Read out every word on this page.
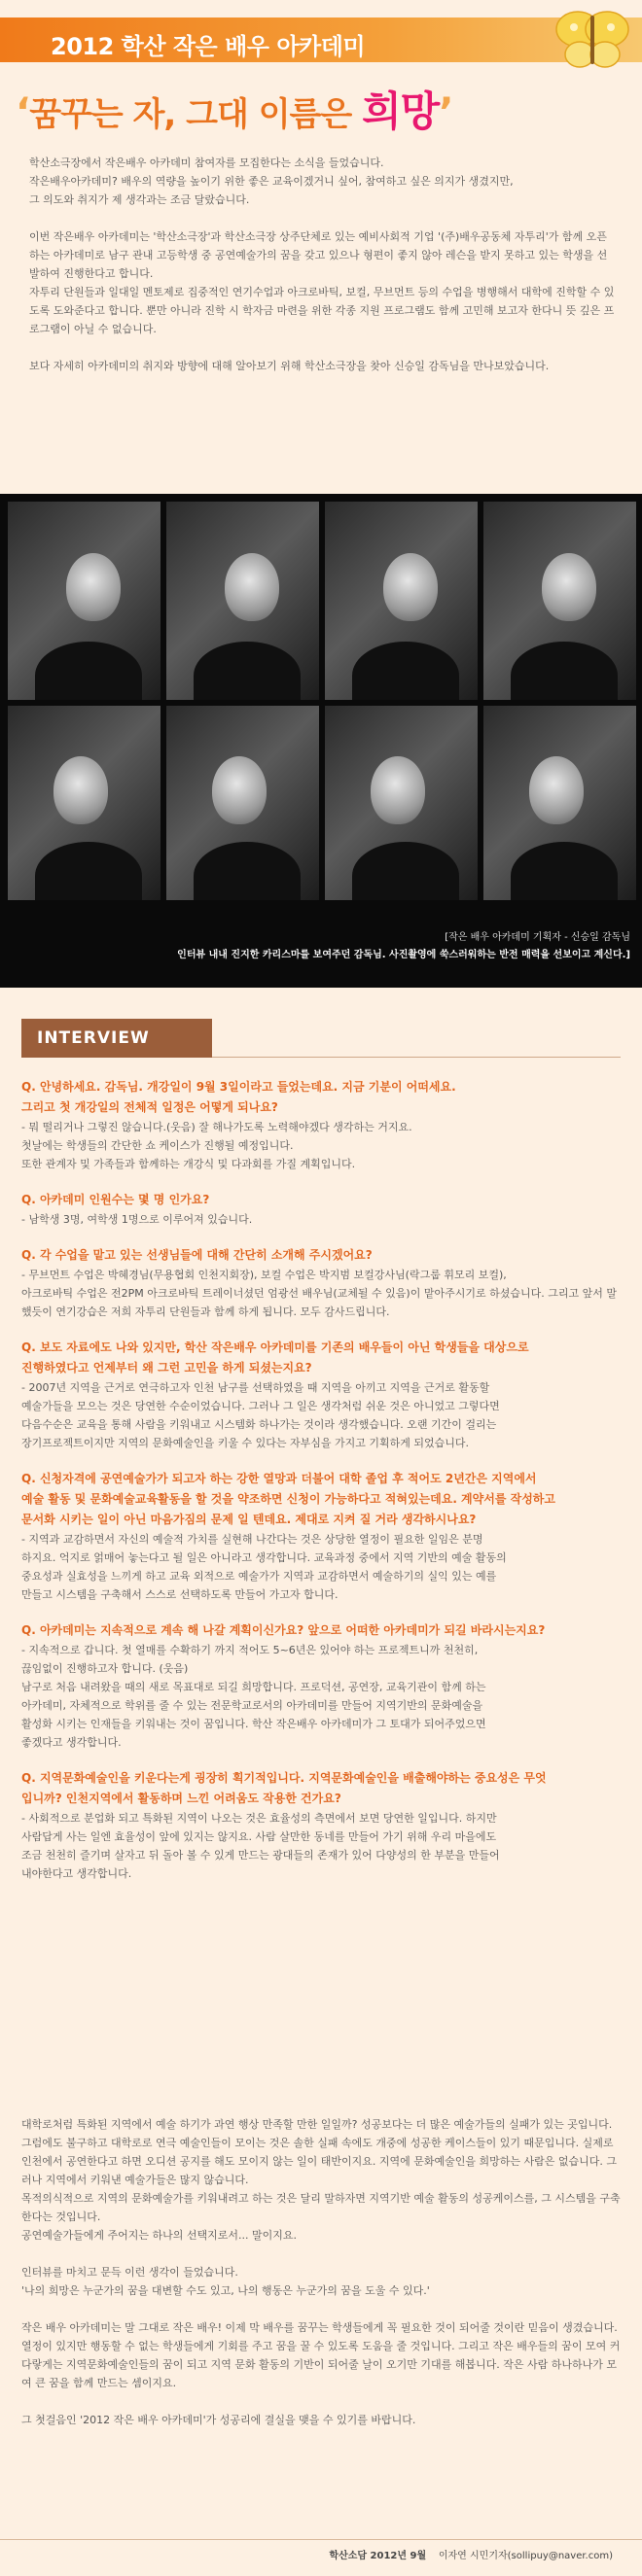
2012 학산 작은 배우 아카데미
‘꿈꾸는 자, 그대 이름은 희망’

학산소극장에서 작은배우 아카데미 참여자를 모집한다는 소식을 들었습니다.
작은배우아카데미? 배우의 역량을 높이기 위한 좋은 교육이겠거니 싶어, 참여하고 싶은 의지가 생겼지만,
그 의도와 취지가 제 생각과는 조금 달랐습니다.

이번 작은배우 아카데미는 '학산소극장'과 학산소극장 상주단체로 있는 예비사회적 기업 '(주)배우공동체 자투리'가 함께 오픈하는 아카데미로 남구 관내 고등학생 중 공연예술가의 꿈을 갖고 있으나 형편이 좋지 않아 레슨을 받지 못하고 있는 학생을 선발하여 진행한다고 합니다.
자투리 단원들과 일대일 멘토제로 집중적인 연기수업과 아크로바틱, 보컬, 무브먼트 등의 수업을 병행해서 대학에 진학할 수 있도록 도와준다고 합니다. 뿐만 아니라 진학 시 학자금 마련을 위한 각종 지원 프로그램도 함께 고민해 보고자 한다니 뜻 깊은 프로그램이 아닐 수 없습니다.

보다 자세히 아카데미의 취지와 방향에 대해 알아보기 위해 학산소극장을 찾아 신승일 감독님을 만나보았습니다.

[작은 배우 아카데미 기획자 - 신승일 감독님
인터뷰 내내 진지한 카리스마를 보여주던 감독님. 사진촬영에 쑥스러워하는 반전 매력을 선보이고 계신다.]
INTERVIEW
Q. 안녕하세요. 감독님. 개강일이 9월 3일이라고 들었는데요. 지금 기분이 어떠세요.
그리고 첫 개강일의 전체적 일정은 어떻게 되나요?
- 뭐 떨리거나 그렇진 않습니다.(웃음) 잘 해나가도록 노력해야겠다 생각하는 거지요.
첫날에는 학생들의 간단한 쇼 케이스가 진행될 예정입니다.
또한 관계자 및 가족들과 함께하는 개강식 및 다과회를 가질 계획입니다.
Q. 아카데미 인원수는 몇 명 인가요?
- 남학생 3명, 여학생 1명으로 이루어져 있습니다.
Q. 각 수업을 맡고 있는 선생님들에 대해 간단히 소개해 주시겠어요?
- 무브먼트 수업은 박혜경님(무용협회 인천지회장), 보컬 수업은 박지범 보컬강사님(락그룹 휘모리 보컬),
아크로바틱 수업은 전2PM 아크로바틱 트레이너셨던 엄광선 배우님(교체될 수 있음)이 맡아주시기로 하셨습니다. 그리고 앞서 말했듯이 연기강습은 저희 자투리 단원들과 함께 하게 됩니다. 모두 감사드립니다.
Q. 보도 자료에도 나와 있지만, 학산 작은배우 아카데미를 기존의 배우들이 아닌 학생들을 대상으로
진행하였다고 언제부터 왜 그런 고민을 하게 되셨는지요?
- 2007년 지역을 근거로 연극하고자 인천 남구를 선택하였을 때 지역을 아끼고 지역을 근거로 활동할
예술가들을 모으는 것은 당연한 수순이었습니다. 그러나 그 일은 생각처럼 쉬운 것은 아니었고 그렇다면
다음수순은 교육을 통해 사람을 키워내고 시스템화 하나가는 것이라 생각했습니다. 오랜 기간이 걸리는
장기프로젝트이지만 지역의 문화예술인을 키울 수 있다는 자부심을 가지고 기획하게 되었습니다.
Q. 신청자격에 공연예술가가 되고자 하는 강한 열망과 더불어 대학 졸업 후 적어도 2년간은 지역에서
예술 활동 및 문화예술교육활동을 할 것을 약조하면 신청이 가능하다고 적혀있는데요. 계약서를 작성하고
문서화 시키는 일이 아닌 마음가짐의 문제 일 텐데요. 제대로 지켜 질 거라 생각하시나요?
- 지역과 교감하면서 자신의 예술적 가치를 실현해 나간다는 것은 상당한 열정이 필요한 일임은 분명
하지요. 억지로 얽매어 놓는다고 될 일은 아니라고 생각합니다. 교육과정 중에서 지역 기반의 예술 활동의
중요성과 실효성을 느끼게 하고 교육 외적으로 예술가가 지역과 교감하면서 예술하기의 실익 있는 예를
만들고 시스템을 구축해서 스스로 선택하도록 만들어 가고자 합니다.
Q. 아카데미는 지속적으로 계속 해 나갈 계획이신가요? 앞으로 어떠한 아카데미가 되길 바라시는지요?
- 지속적으로 갑니다. 첫 열매를 수확하기 까지 적어도 5~6년은 있어야 하는 프로젝트니까 천천히,
끊임없이 진행하고자 합니다. (웃음)
남구로 처음 내려왔을 때의 새로 목표대로 되길 희망합니다. 프로덕션, 공연장, 교육기관이 함께 하는
아카데미, 자체적으로 학위를 줄 수 있는 전문학교로서의 아카데미를 만들어 지역기반의 문화예술을
활성화 시키는 인재들을 키워내는 것이 꿈입니다. 학산 작은배우 아카데미가 그 토대가 되어주었으면
좋겠다고 생각합니다.
Q. 지역문화예술인을 키운다는게 굉장히 획기적입니다. 지역문화예술인을 배출해야하는 중요성은 무엇
입니까? 인천지역에서 활동하며 느낀 어려움도 작용한 건가요?
- 사회적으로 분업화 되고 특화된 지역이 나오는 것은 효율성의 측면에서 보면 당연한 일입니다. 하지만
사람답게 사는 일엔 효율성이 앞에 있지는 않지요. 사람 살만한 동네를 만들어 가기 위해 우리 마을에도
조금 천천히 즐기며 살자고 뒤 돌아 볼 수 있게 만드는 광대들의 존재가 있어 다양성의 한 부분을 만들어
내야한다고 생각합니다.

대학로처럼 특화된 지역에서 예술 하기가 과연 행상 만족할 만한 일일까? 성공보다는 더 많은 예술가들의 실패가 있는 곳입니다. 그럼에도 불구하고 대학로로 연극 예술인들이 모이는 것은 솔한 실패 속에도 개중에 성공한 케이스들이 있기 때문입니다. 실제로 인천에서 공연한다고 하면 오디션 공지를 해도 모이지 않는 일이 태반이지요. 지역에 문화예술인을 희망하는 사람은 없습니다. 그러나 지역에서 키워낸 예술가들은 많지 않습니다.
목적의식적으로 지역의 문화예술가를 키워내려고 하는 것은 달리 말하자면 지역기반 예술 활동의 성공케이스를, 그 시스템을 구축한다는 것입니다.
공연예술가들에게 주어지는 하나의 선택지로서... 말이지요.

인터뷰를 마치고 문득 이런 생각이 들었습니다.
'나의 희망은 누군가의 꿈을 대변할 수도 있고, 나의 행동은 누군가의 꿈을 도울 수 있다.'

작은 배우 아카데미는 말 그대로 작은 배우! 이제 막 배우를 꿈꾸는 학생들에게 꼭 필요한 것이 되어줄 것이란 믿음이 생겼습니다. 열정이 있지만 행동할 수 없는 학생들에게 기회를 주고 꿈을 꿀 수 있도록 도움을 줄 것입니다. 그리고 작은 배우들의 꿈이 모여 커다랗게는 지역문화예술인들의 꿈이 되고 지역 문화 활동의 기반이 되어줄 날이 오기만 기대를 해봅니다. 작은 사람 하나하나가 모여 큰 꿈을 함께 만드는 셈이지요.

그 첫걸음인 '2012 작은 배우 아카데미'가 성공리에 결실을 맺을 수 있기를 바랍니다.

학산소담 2012년 9월 이자연 시민기자(sollipuy@naver.com)
